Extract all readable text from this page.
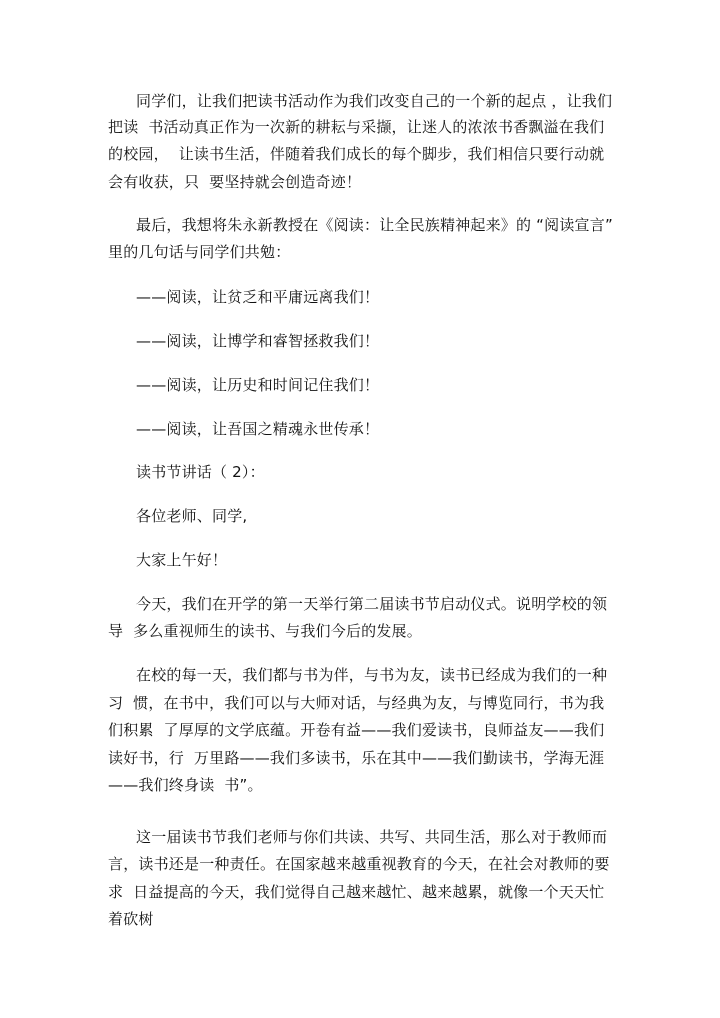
同学们，让我们把读书活动作为我们改变自己的一个新的起点 ，让我们
把读  书活动真正作为一次新的耕耘与采撷，让迷人的浓浓书香飘溢在我们
的校园，  让读书生活，伴随着我们成长的每个脚步，我们相信只要行动就
会有收获，只  要坚持就会创造奇迹！
最后，我想将朱永新教授在《阅读：让全民族精神起来》的 “阅读宣言”
里的几句话与同学们共勉：
——阅读，让贫乏和平庸远离我们！
——阅读，让博学和睿智拯救我们！
——阅读，让历史和时间记住我们！
——阅读，让吾国之精魂永世传承！
读书节讲话（ 2）：
各位老师、同学,
大家上午好！
今天，我们在开学的第一天举行第二届读书节启动仪式。说明学校的领
导  多么重视师生的读书、与我们今后的发展。
在校的每一天，我们都与书为伴，与书为友，读书已经成为我们的一种
习  惯，在书中，我们可以与大师对话，与经典为友，与博览同行，书为我
们积累  了厚厚的文学底蕴。开卷有益——我们爱读书，良师益友——我们
读好书，行  万里路——我们多读书，乐在其中——我们勤读书，学海无涯
——我们终身读  书”。
这一届读书节我们老师与你们共读、共写、共同生活，那么对于教师而
言，读书还是一种责任。在国家越来越重视教育的今天，在社会对教师的要
求  日益提高的今天，我们觉得自己越来越忙、越来越累，就像一个天天忙
着砍树
